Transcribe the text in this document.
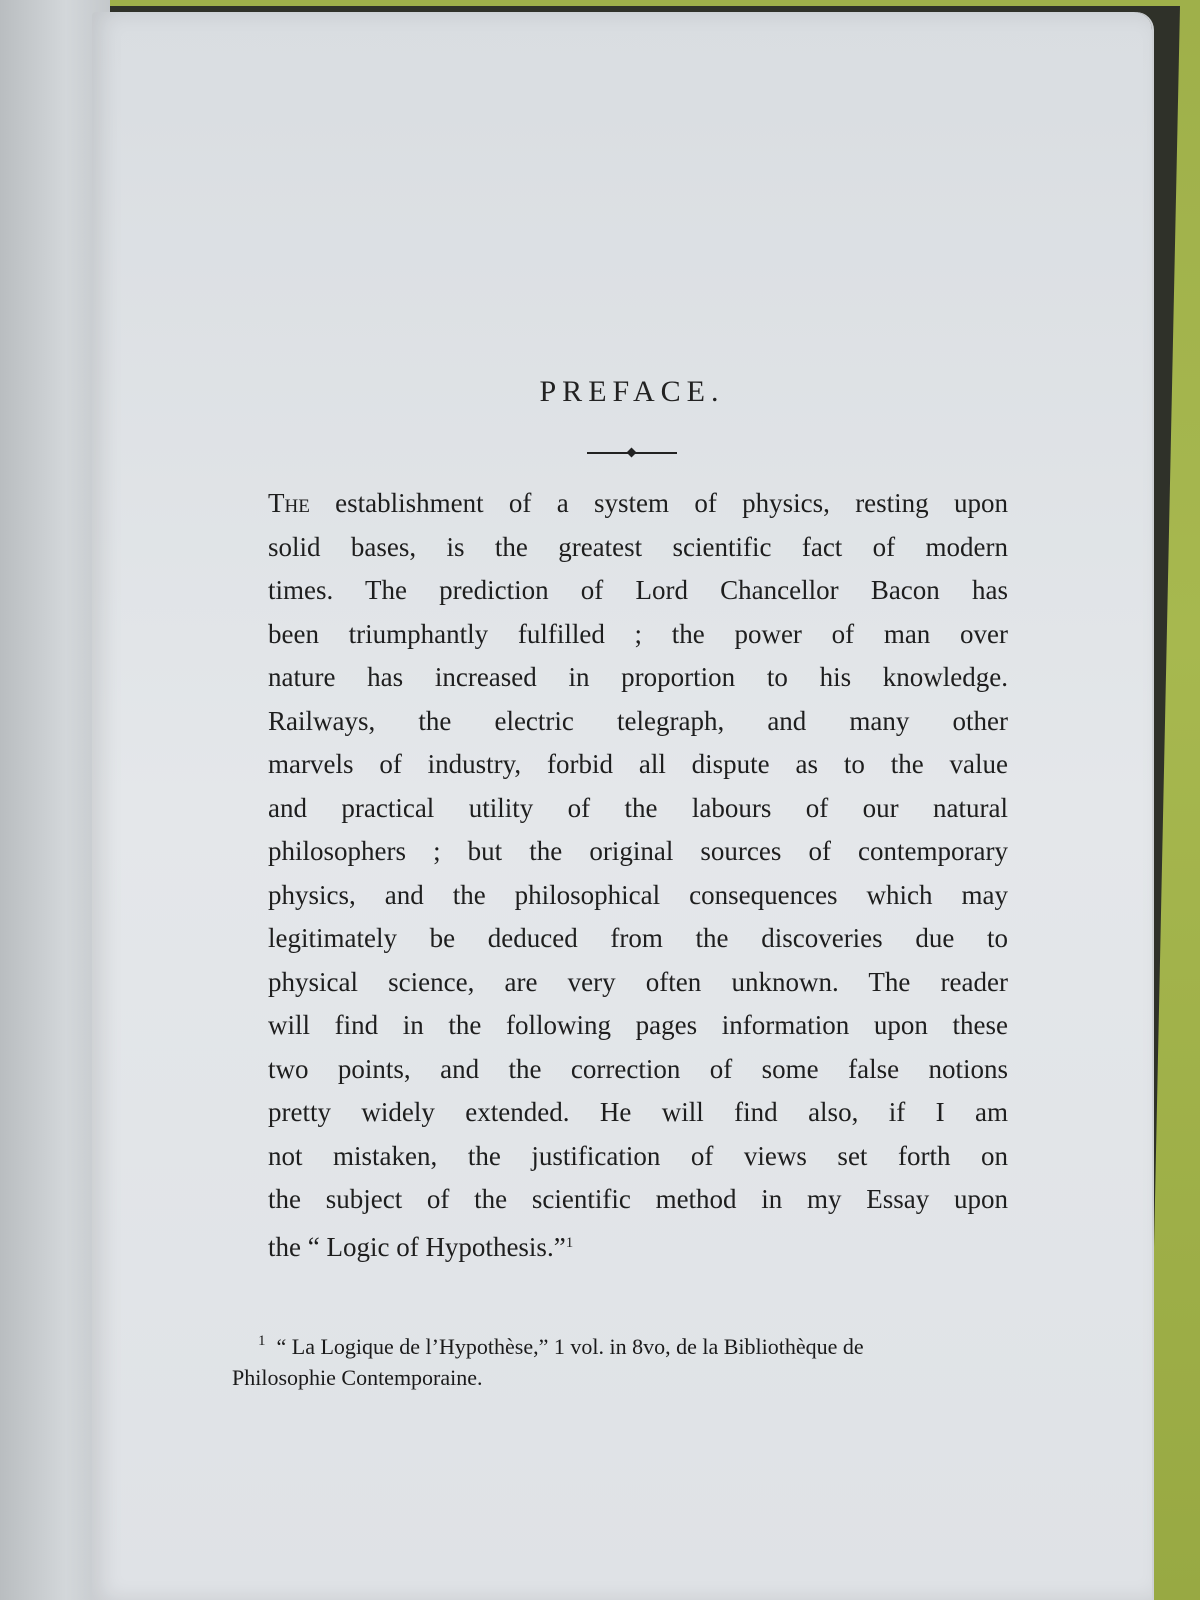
PREFACE.
The establishment of a system of physics, resting upon
solid bases, is the greatest scientific fact of modern
times. The prediction of Lord Chancellor Bacon has
been triumphantly fulfilled ; the power of man over
nature has increased in proportion to his knowledge.
Railways, the electric telegraph, and many other
marvels of industry, forbid all dispute as to the value
and practical utility of the labours of our natural
philosophers ; but the original sources of contemporary
physics, and the philosophical consequences which may
legitimately be deduced from the discoveries due to
physical science, are very often unknown. The reader
will find in the following pages information upon these
two points, and the correction of some false notions
pretty widely extended. He will find also, if I am
not mistaken, the justification of views set forth on
the subject of the scientific method in my Essay upon
the “ Logic of Hypothesis.”$^1$
$^1$ “ La Logique de l’Hypothèse,” 1 vol. in 8vo, de la Bibliothèque de
Philosophie Contemporaine.
